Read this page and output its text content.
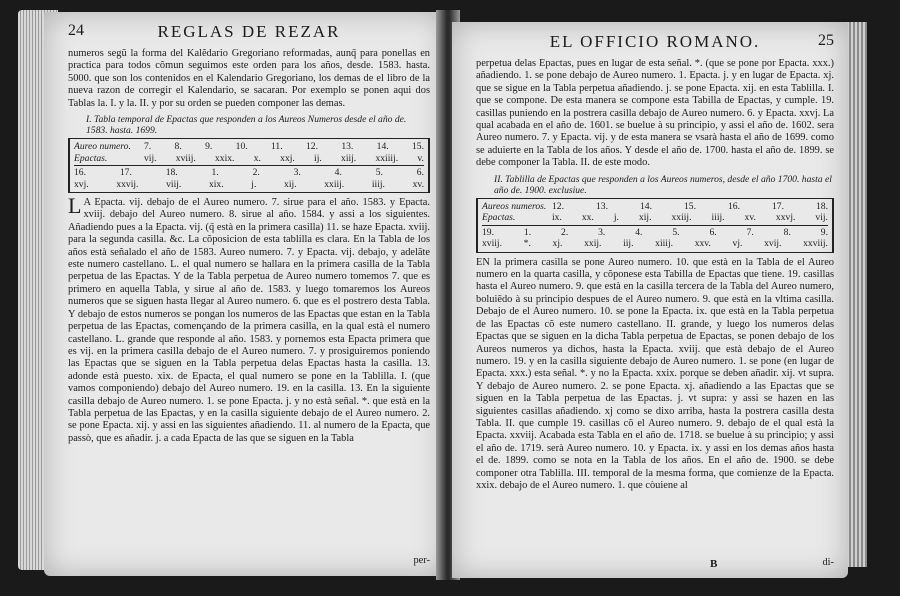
24	REGLAS DE REZAR

numeros segũ la forma del Kalẽdario Gregoriano reformadas, aunq̃ para ponellas en practica para todos cõmun seguimos este orden para los años, desde. 1583. hasta. 5000. que son los contenidos en el Kalendario Gregoriano, los demas de el libro de la nueva razon de corregir el Kalendario, se sacaran. Por exemplo se ponen aqui dos Tablas la. I. y la. II. y por su orden se pueden componer las demas.

I. Tabla temporal de Epactas que responden a los Aureos Numeros desde el año de. 1583. hasta. 1699.
Aureo numero.	7. 8. 9. 10. 11. 12. 13. 14. 15.
Epactas.	vij. xviij. xxix. x. xxj. ij. xiij. xxiiij. v.
16.	17.	18.	1.	2.	3.	4.	5.	6.
xvj.	xxvij.	viij.	xix.	j.	xij.	xxiij.	iiij.	xv.

L A Epacta. vij. debajo de el Aureo numero. 7. sirue para el año. 1583. y Epacta. xviij. debajo del Aureo numero. 8. sirue al año. 1584. y assi a los siguientes. Añadiendo pues a la Epacta. vij. (q̃ està en la primera casilla) 11. se haze Epacta. xviij. para la segunda casilla. &c. La cõposicion de esta tablilla es clara. En la Tabla de los años està señalado el año de 1583. Aureo numero. 7. y Epacta. vij. debajo, y adelãte este numero castellano. L. el qual numero se hallara en la primera casilla de la Tabla perpetua de las Epactas. Y de la Tabla perpetua de Aureo numero tomemos 7. que es primero en aquella Tabla, y sirue al año de. 1583. y luego tomaremos los Aureos numeros que se siguen hasta llegar al Aureo numero. 6. que es el postrero desta Tabla. Y debajo de estos numeros se pongan los numeros de las Epactas que estan en la Tabla perpetua de las Epactas, començando de la primera casilla, en la qual està el numero castellano. L. grande que responde al año. 1583. y pornemos esta Epacta primera que es vij. en la primera casilla debajo de el Aureo numero. 7. y prosiguiremos poniendo las Epactas que se siguen en la Tabla perpetua delas Epactas hasta la casilla. 13. adonde està puesto. xix. de Epacta, el qual numero se pone en la Tablilla. I. (que vamos componiendo) debajo del Aureo numero. 19. en la casilla. 13. En la siguiente casilla debajo de Aureo numero. 1. se pone Epacta. j. y no està señal. *. que està en la Tabla perpetua de las Epactas, y en la casilla siguiente debajo de el Aureo numero. 2. se pone Epacta. xij. y assi en las siguientes añadiendo. 11. al numero de la Epacta, que passò, que es añadir. j. a cada Epacta de las que se siguen en la Tabla

per-
EL OFFICIO ROMANO.	25

perpetua delas Epactas, pues en lugar de esta señal. *. (que se pone por Epacta. xxx.) añadiendo. 1. se pone debajo de Aureo numero. 1. Epacta. j. y en lugar de Epacta. xj. que se sigue en la Tabla perpetua añadiendo. j. se pone Epacta. xij. en esta Tablilla. I. que se compone. De esta manera se compone esta Tabilla de Epactas, y cumple. 19. casillas puniendo en la postrera casilla debajo de Aureo numero. 6. y Epacta. xxvj. La qual acabada en el año de. 1601. se buelue à su principio, y assi el año de. 1602. sera Aureo numero. 7. y Epacta. vij. y de esta manera se vsarà hasta el año de 1699. como se aduierte en la Tabla de los años. Y desde el año de. 1700. hasta el año de. 1899. se debe componer la Tabla. II. de este modo.

II. Tablilla de Epactas que responden a los Aureos numeros, desde el año 1700. hasta el año de. 1900. exclusiue.
Aureos numeros. 12.	13.	14.	15.	16.	17.	18.
Epactas.	ix. xx. j. xij. xxiij. iiij. xv. xxvj. vij.
19.	1.	2.	3.	4.	5.	6.	7.	8.	9.
xviij. *. xj. xxij. iij. xiiij. xxv. vj. xvij. xxviij.

EN la primera casilla se pone Aureo numero. 10. que està en la Tabla de el Aureo numero en la quarta casilla, y cõponese esta Tabilla de Epactas que tiene. 19. casillas hasta el Aureo numero. 9. que està en la casilla tercera de la Tabla del Aureo numero, boluiẽdo à su principio despues de el Aureo numero. 9. que està en la vltima casilla. Debajo de el Aureo numero. 10. se pone la Epacta. ix. que està en la Tabla perpetua de las Epactas cõ este numero castellano. II. grande, y luego los numeros delas Epactas que se siguen en la dicha Tabla perpetua de Epactas, se ponen debajo de los Aureos numeros ya dichos, hasta la Epacta. xviij. que està debajo de el Aureo numero. 19. y en la casilla siguiente debajo de Aureo numero. 1. se pone (en lugar de Epacta. xxx.) esta señal. *. y no la Epacta. xxix. porque se deben añadir. xij. vt supra. Y debajo de Aureo numero. 2. se pone Epacta. xj. añadiendo a las Epactas que se siguen en la Tabla perpetua de las Epactas. j. vt supra: y assi se hazen en las siguientes casillas añadiendo. xj como se dixo arriba, hasta la postrera casilla desta Tabla. II. que cumple 19. casillas cõ el Aureo numero. 9. debajo de el qual està la Epacta. xxviij. Acabada esta Tabla en el año de. 1718. se buelue à su principio; y assi el año de. 1719. serà Aureo numero. 10. y Epacta. ix. y assi en los demas años hasta el de. 1899. como se nota en la Tabla de los años. En el año de. 1900. se debe componer otra Tablilla. III. temporal de la mesma forma, que comienze de la Epacta. xxix. debajo de el Aureo numero. 1. que còuiene al

B	di-
